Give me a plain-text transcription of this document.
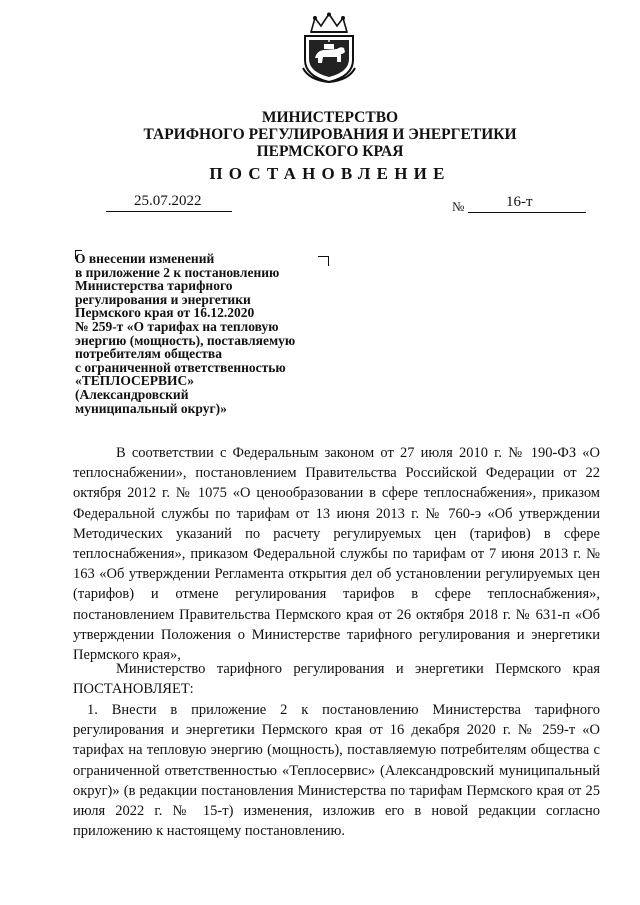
МИНИСТЕРСТВО
ТАРИФНОГО РЕГУЛИРОВАНИЯ И ЭНЕРГЕТИКИ
ПЕРМСКОГО КРАЯ
ПОСТАНОВЛЕНИЕ
25.07.2022	№	16-т
О внесении изменений
в приложение 2 к постановлению
Министерства тарифного
регулирования и энергетики
Пермского края от 16.12.2020
№ 259-т «О тарифах на тепловую
энергию (мощность), поставляемую
потребителям общества
с ограниченной ответственностью
«ТЕПЛОСЕРВИС»
(Александровский
муниципальный округ)»

В соответствии с Федеральным законом от 27 июля 2010 г. № 190-ФЗ «О теплоснабжении», постановлением Правительства Российской Федерации от 22 октября 2012 г. № 1075 «О ценообразовании в сфере теплоснабжения», приказом Федеральной службы по тарифам от 13 июня 2013 г. № 760-э «Об утверждении Методических указаний по расчету регулируемых цен (тарифов) в сфере теплоснабжения», приказом Федеральной службы по тарифам от 7 июня 2013 г. № 163 «Об утверждении Регламента открытия дел об установлении регулируемых цен (тарифов) и отмене регулирования тарифов в сфере теплоснабжения», постановлением Правительства Пермского края от 26 октября 2018 г. № 631-п «Об утверждении Положения о Министерстве тарифного регулирования и энергетики Пермского края»,

Министерство тарифного регулирования и энергетики Пермского края ПОСТАНОВЛЯЕТ:

1. Внести в приложение 2 к постановлению Министерства тарифного регулирования и энергетики Пермского края от 16 декабря 2020 г. № 259-т «О тарифах на тепловую энергию (мощность), поставляемую потребителям общества с ограниченной ответственностью «Теплосервис» (Александровский муниципальный округ)» (в редакции постановления Министерства по тарифам Пермского края от 25 июля 2022 г. № 15-т) изменения, изложив его в новой редакции согласно приложению к настоящему постановлению.
